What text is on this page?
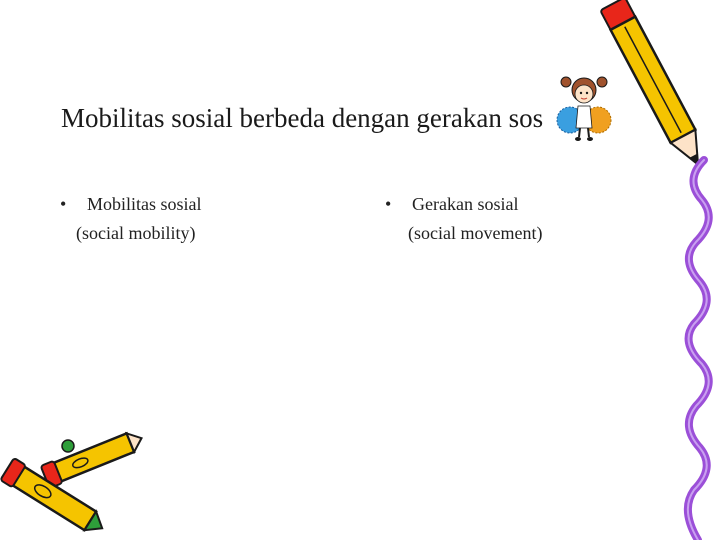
Mobilitas sosial berbeda dengan gerakan sos
• Mobilitas sosial
(social mobility)
• Gerakan sosial
(social movement)
